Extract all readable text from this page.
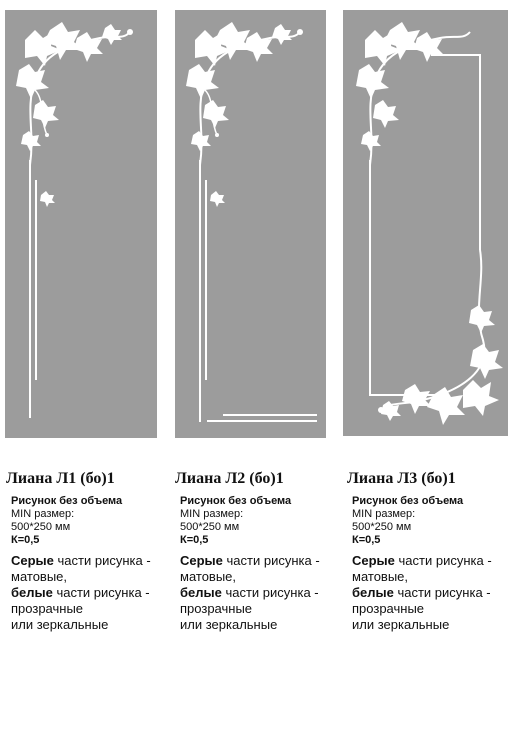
Лиана Л1 (бо)1
Рисунок без объема
MIN размер:
500*250 мм
К=0,5
Серые части рисунка -
матовые,
белые части рисунка -
прозрачные
или зеркальные
Лиана Л2 (бо)1
Рисунок без объема
MIN размер:
500*250 мм
К=0,5
Серые части рисунка -
матовые,
белые части рисунка -
прозрачные
или зеркальные
Лиана Л3 (бо)1
Рисунок без объема
MIN размер:
500*250 мм
К=0,5
Серые части рисунка -
матовые,
белые части рисунка -
прозрачные
или зеркальные
